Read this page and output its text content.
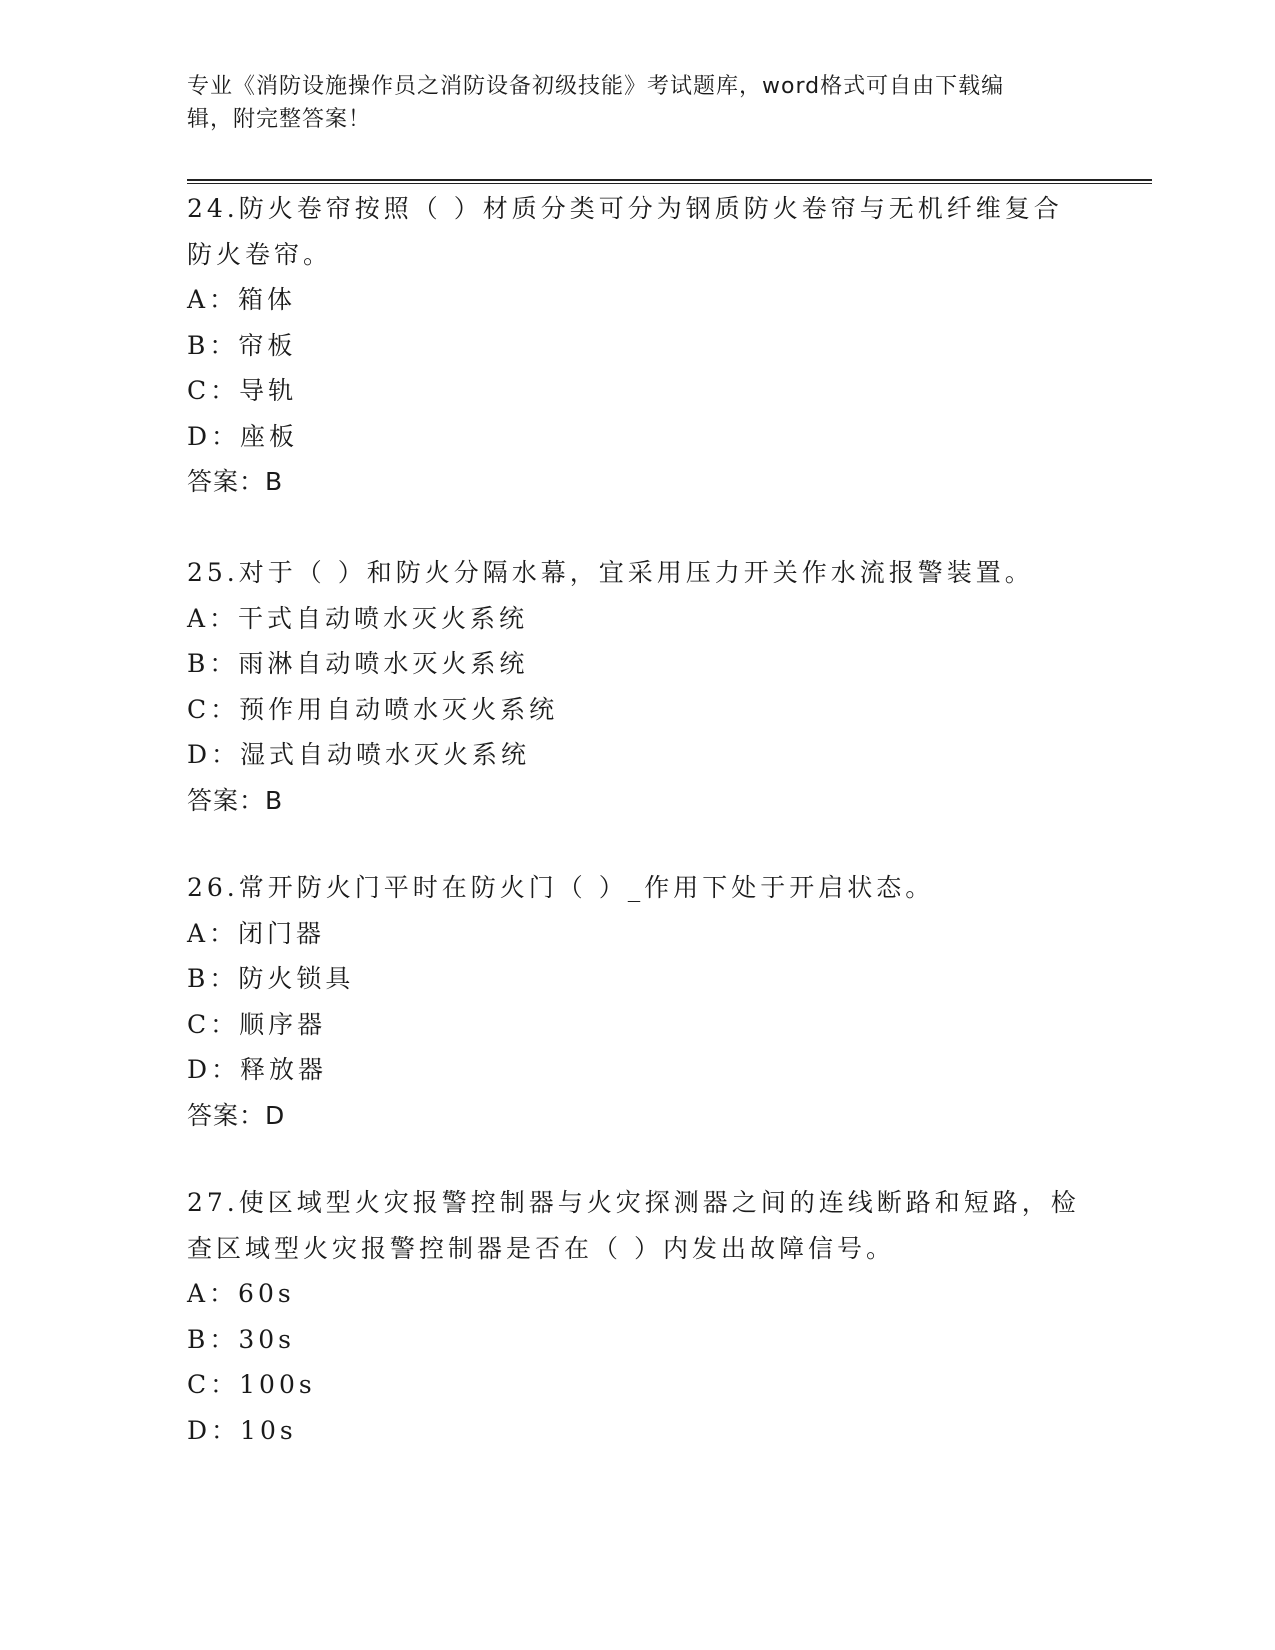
专业《消防设施操作员之消防设备初级技能》考试题库，word格式可自由下载编
辑，附完整答案！
24.防火卷帘按照（ ）材质分类可分为钢质防火卷帘与无机纤维复合
防火卷帘。
A：箱体
B：帘板
C：导轨
D：座板
答案：B
25.对于（ ）和防火分隔水幕，宜采用压力开关作水流报警装置。
A：干式自动喷水灭火系统
B：雨淋自动喷水灭火系统
C：预作用自动喷水灭火系统
D：湿式自动喷水灭火系统
答案：B
26.常开防火门平时在防火门（ ）_作用下处于开启状态。
A：闭门器
B：防火锁具
C：顺序器
D：释放器
答案：D
27.使区域型火灾报警控制器与火灾探测器之间的连线断路和短路，检
查区域型火灾报警控制器是否在（ ）内发出故障信号。
A：60s
B：30s
C：100s
D：10s
